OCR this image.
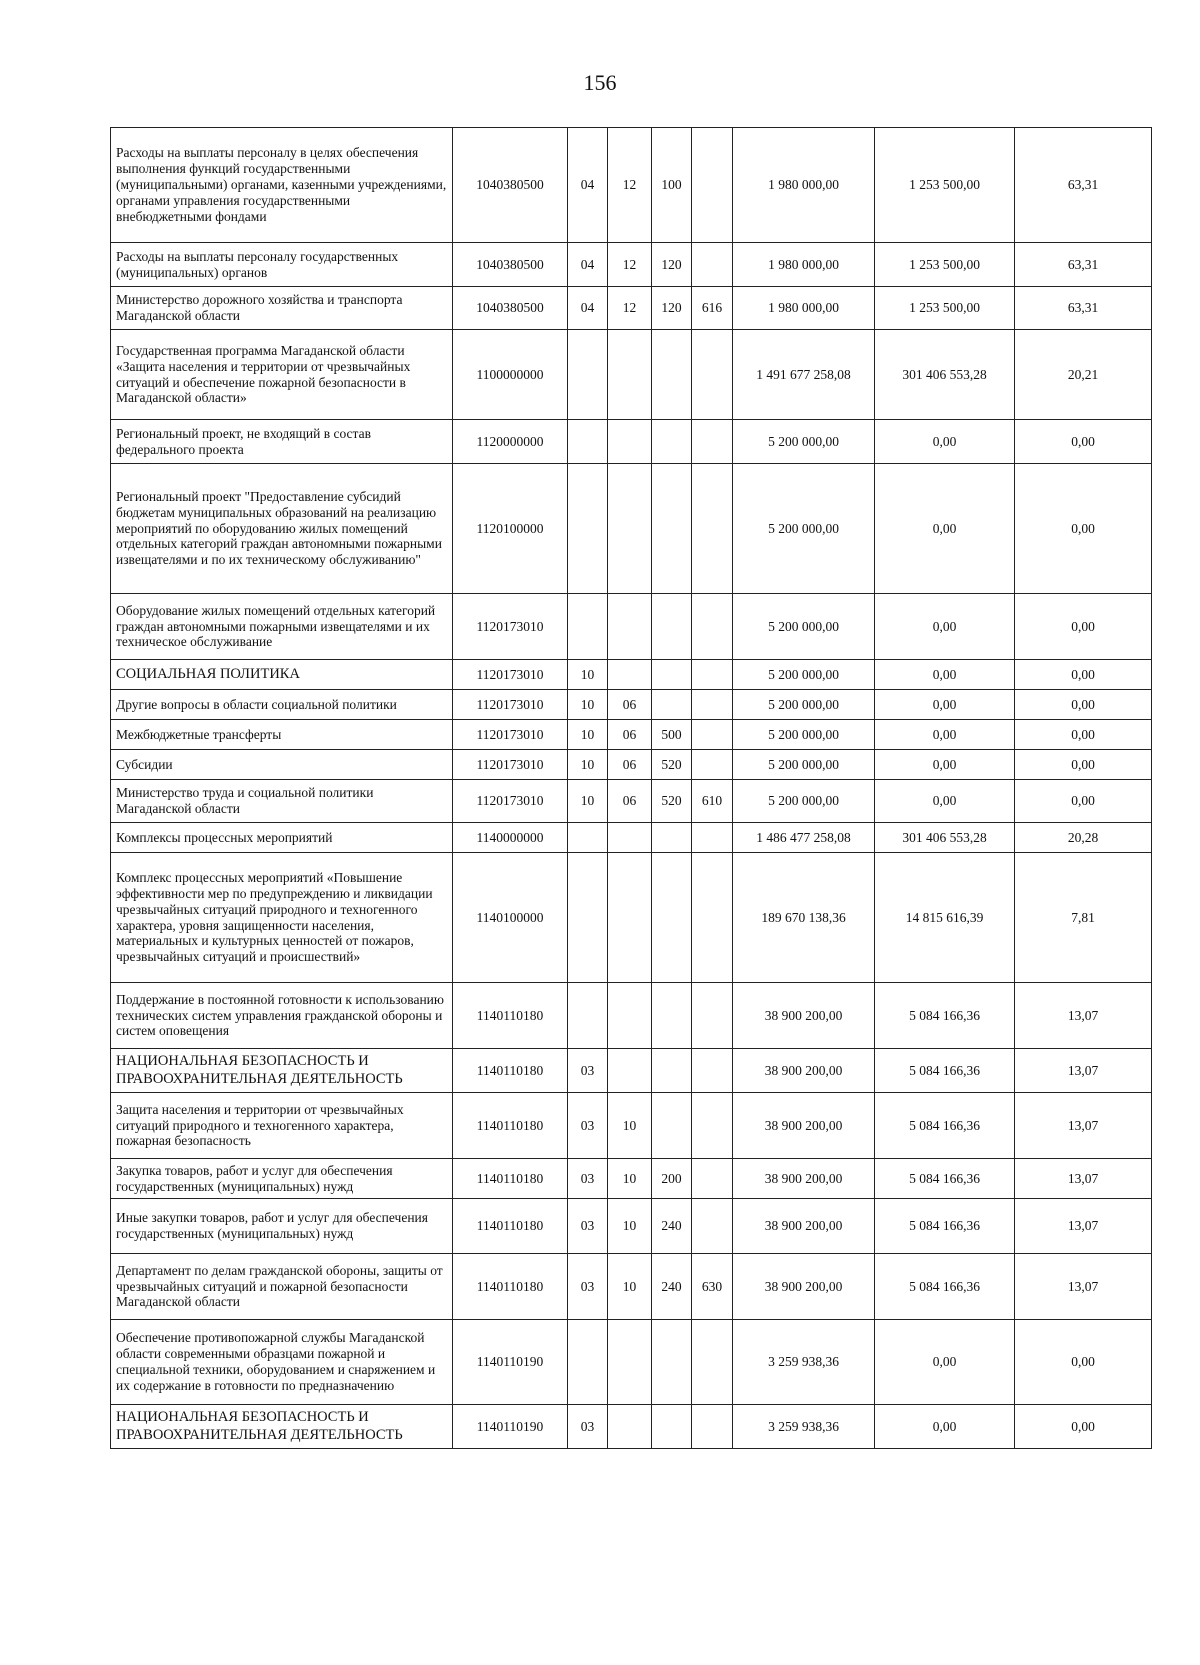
156
Расходы на выплаты персоналу в целях обеспечения выполнения функций государственными (муниципальными) органами, казенными учреждениями, органами управления государственными внебюджетными фондами	1040380500	04	12	100		1 980 000,00	1 253 500,00	63,31
Расходы на выплаты персоналу государственных (муниципальных) органов	1040380500	04	12	120		1 980 000,00	1 253 500,00	63,31
Министерство дорожного хозяйства и транспорта Магаданской области	1040380500	04	12	120	616	1 980 000,00	1 253 500,00	63,31
Государственная программа Магаданской области «Защита населения и территории от чрезвычайных ситуаций и обеспечение пожарной безопасности в Магаданской области»	1100000000					1 491 677 258,08	301 406 553,28	20,21
Региональный проект, не входящий в состав федерального проекта	1120000000					5 200 000,00	0,00	0,00
Региональный проект "Предоставление субсидий бюджетам муниципальных образований на реализацию мероприятий по оборудованию жилых помещений отдельных категорий граждан автономными пожарными извещателями и по их техническому обслуживанию"	1120100000					5 200 000,00	0,00	0,00
Оборудование жилых помещений отдельных категорий граждан автономными пожарными извещателями и их техническое обслуживание	1120173010					5 200 000,00	0,00	0,00
СОЦИАЛЬНАЯ ПОЛИТИКА	1120173010	10				5 200 000,00	0,00	0,00
Другие вопросы в области социальной политики	1120173010	10	06			5 200 000,00	0,00	0,00
Межбюджетные трансферты	1120173010	10	06	500		5 200 000,00	0,00	0,00
Субсидии	1120173010	10	06	520		5 200 000,00	0,00	0,00
Министерство труда и социальной политики Магаданской области	1120173010	10	06	520	610	5 200 000,00	0,00	0,00
Комплексы процессных мероприятий	1140000000					1 486 477 258,08	301 406 553,28	20,28
Комплекс процессных мероприятий «Повышение эффективности мер по предупреждению и ликвидации чрезвычайных ситуаций природного и техногенного характера, уровня защищенности населения, материальных и культурных ценностей от пожаров, чрезвычайных ситуаций и происшествий»	1140100000					189 670 138,36	14 815 616,39	7,81
Поддержание в постоянной готовности к использованию технических систем управления гражданской обороны и систем оповещения	1140110180					38 900 200,00	5 084 166,36	13,07
НАЦИОНАЛЬНАЯ БЕЗОПАСНОСТЬ И ПРАВООХРАНИТЕЛЬНАЯ ДЕЯТЕЛЬНОСТЬ	1140110180	03				38 900 200,00	5 084 166,36	13,07
Защита населения и территории от чрезвычайных ситуаций природного и техногенного характера, пожарная безопасность	1140110180	03	10			38 900 200,00	5 084 166,36	13,07
Закупка товаров, работ и услуг для обеспечения государственных (муниципальных) нужд	1140110180	03	10	200		38 900 200,00	5 084 166,36	13,07
Иные закупки товаров, работ и услуг для обеспечения государственных (муниципальных) нужд	1140110180	03	10	240		38 900 200,00	5 084 166,36	13,07
Департамент по делам гражданской обороны, защиты от чрезвычайных ситуаций и пожарной безопасности Магаданской области	1140110180	03	10	240	630	38 900 200,00	5 084 166,36	13,07
Обеспечение противопожарной службы Магаданской области современными образцами пожарной и специальной техники, оборудованием и снаряжением и их содержание в готовности по предназначению	1140110190					3 259 938,36	0,00	0,00
НАЦИОНАЛЬНАЯ БЕЗОПАСНОСТЬ И ПРАВООХРАНИТЕЛЬНАЯ ДЕЯТЕЛЬНОСТЬ	1140110190	03				3 259 938,36	0,00	0,00
